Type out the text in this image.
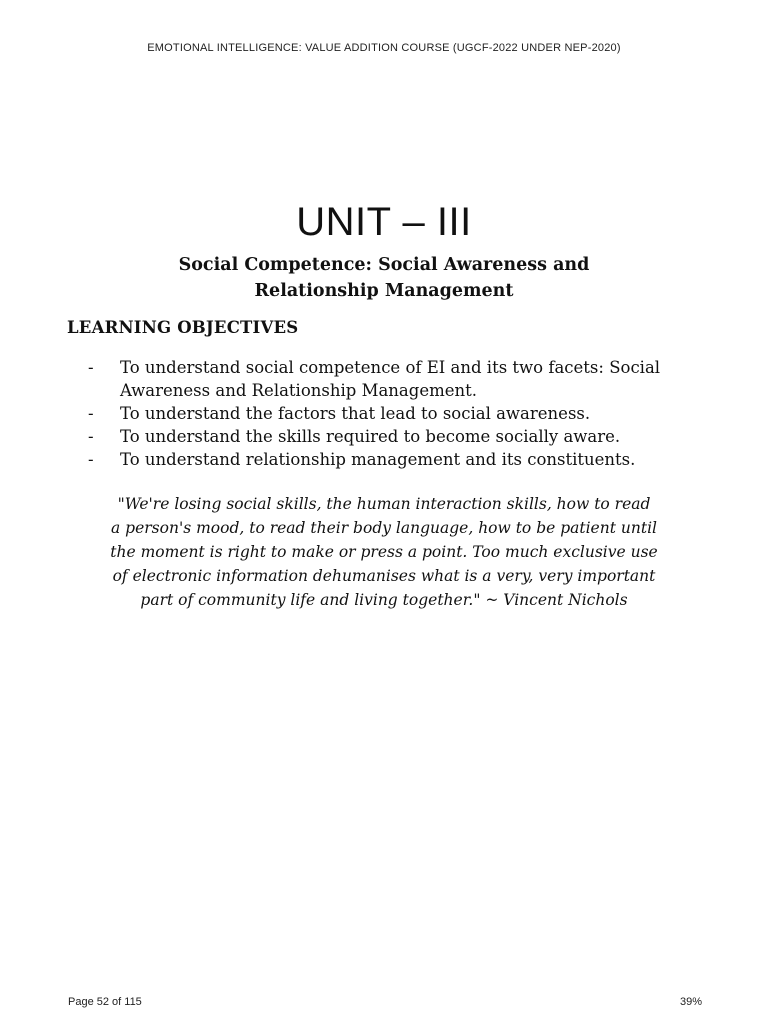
EMOTIONAL INTELLIGENCE: VALUE ADDITION COURSE (UGCF-2022 UNDER NEP-2020)
UNIT – III
Social Competence: Social Awareness and
Relationship Management
LEARNING OBJECTIVES
- To understand social competence of EI and its two facets: Social Awareness and Relationship Management.
- To understand the factors that lead to social awareness.
- To understand the skills required to become socially aware.
- To understand relationship management and its constituents.
"We're losing social skills, the human interaction skills, how to read
a person's mood, to read their body language, how to be patient until
the moment is right to make or press a point. Too much exclusive use
of electronic information dehumanises what is a very, very important
part of community life and living together." ~ Vincent Nichols
Page 52 of 115	39%
